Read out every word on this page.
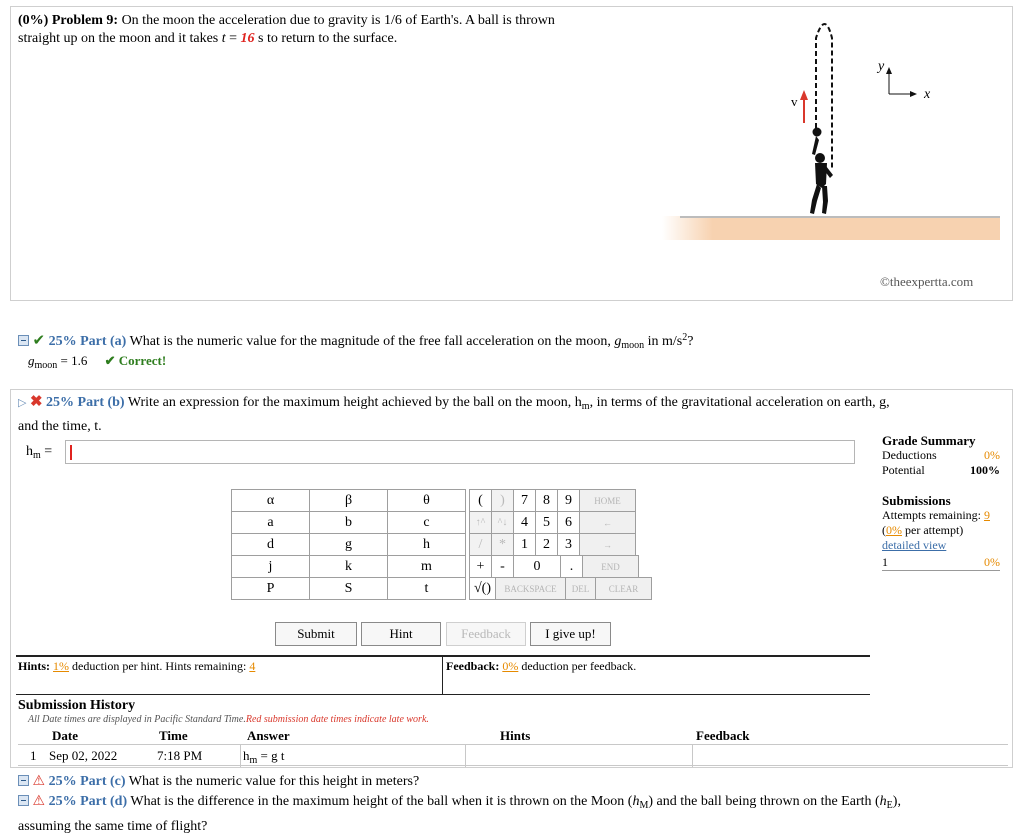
(0%) Problem 9: On the moon the acceleration due to gravity is 1/6 of Earth's. A ball is thrown
straight up on the moon and it takes t = 16 s to return to the surface.
v
y
x
©theexpertta.com
✔ 25% Part (a) What is the numeric value for the magnitude of the free fall acceleration on the moon, $g_{moon}$ in $m/s^2$?
$g_{moon} = 1.6$ ✔ Correct!
▷ ✖ 25% Part (b) Write an expression for the maximum height achieved by the ball on the moon, $h_m$, in terms of the gravitational acceleration on earth, g,
and the time, t.
$h_m$ =
α	β	θ
a	b	c
d	g	h
j	k	m
P	S	t
(	)	7	8	9	HOME
↑^	^↓	4	5	6	←
/	*	1	2	3	→
+	-	0	.	END
√()	BACKSPACE	DEL	CLEAR
Submit	Hint	Feedback	I give up!
Hints: 1% deduction per hint. Hints remaining: 4	Feedback: 0% deduction per feedback.
Grade Summary
Deductions	0%
Potential	100%
Submissions
Attempts remaining: 9
(0% per attempt)
detailed view
1	0%
Submission History
All Date times are displayed in Pacific Standard Time.Red submission date times indicate late work.
Date	Time	Answer	Hints	Feedback
1 Sep 02, 2022	7:18 PM	$h_m = g$ t
⚠ 25% Part (c) What is the numeric value for this height in meters?
⚠ 25% Part (d) What is the difference in the maximum height of the ball when it is thrown on the Moon $(h_M)$ and the ball being thrown on the Earth $(h_E)$,
assuming the same time of flight?
